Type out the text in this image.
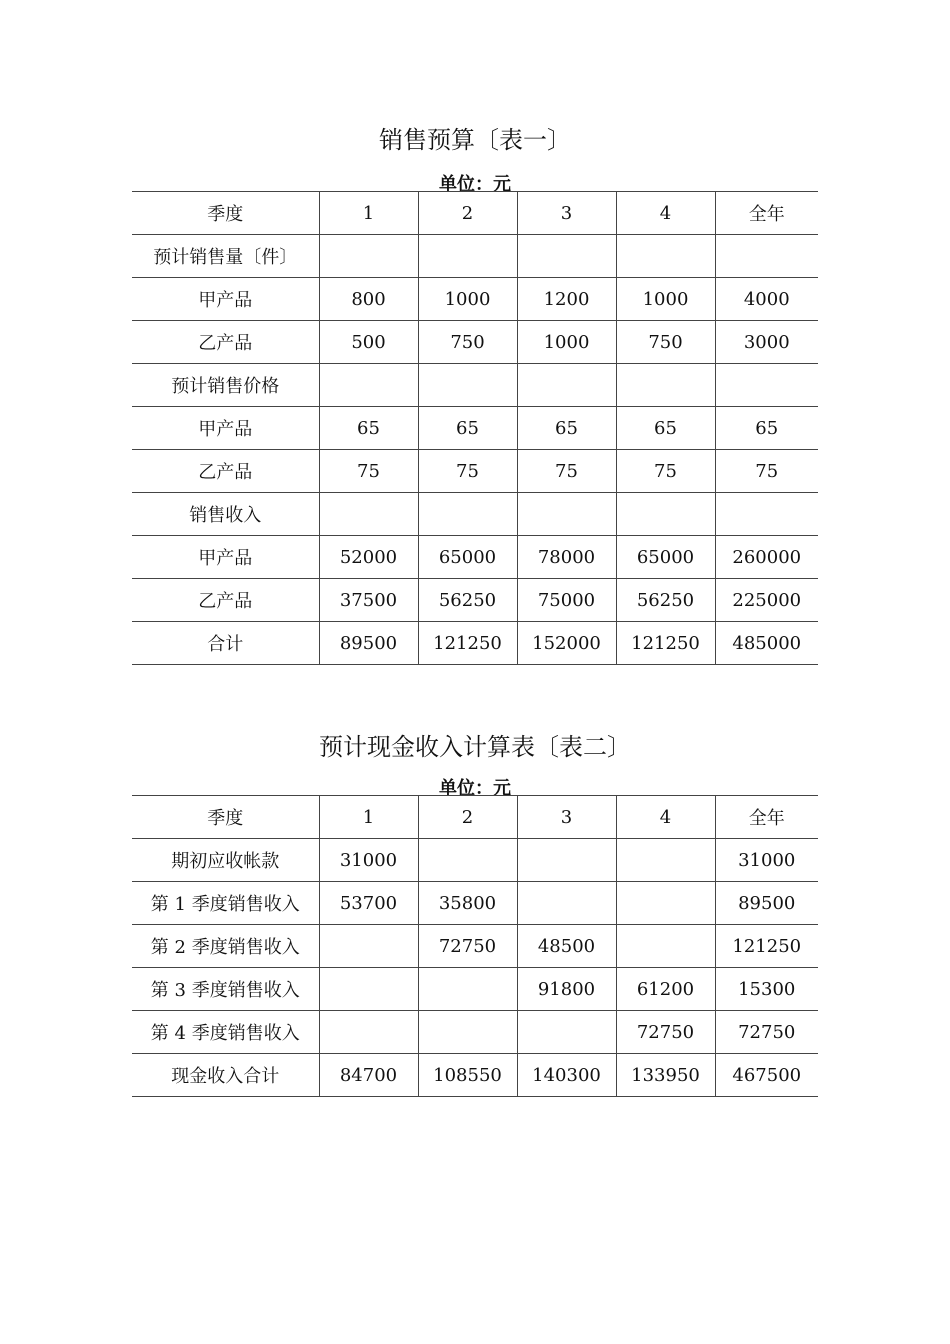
销售预算〔表一〕
单位：元
季度	1	2	3	4	全年
预计销售量〔件〕					
甲产品	800	1000	1200	1000	4000
乙产品	500	750	1000	750	3000
预计销售价格					
甲产品	65	65	65	65	65
乙产品	75	75	75	75	75
销售收入					
甲产品	52000	65000	78000	65000	260000
乙产品	37500	56250	75000	56250	225000
合计	89500	121250	152000	121250	485000
预计现金收入计算表〔表二〕
单位：元
季度	1	2	3	4	全年
期初应收帐款	31000				31000
第 1 季度销售收入	53700	35800			89500
第 2 季度销售收入		72750	48500		121250
第 3 季度销售收入			91800	61200	15300
第 4 季度销售收入				72750	72750
现金收入合计	84700	108550	140300	133950	467500
